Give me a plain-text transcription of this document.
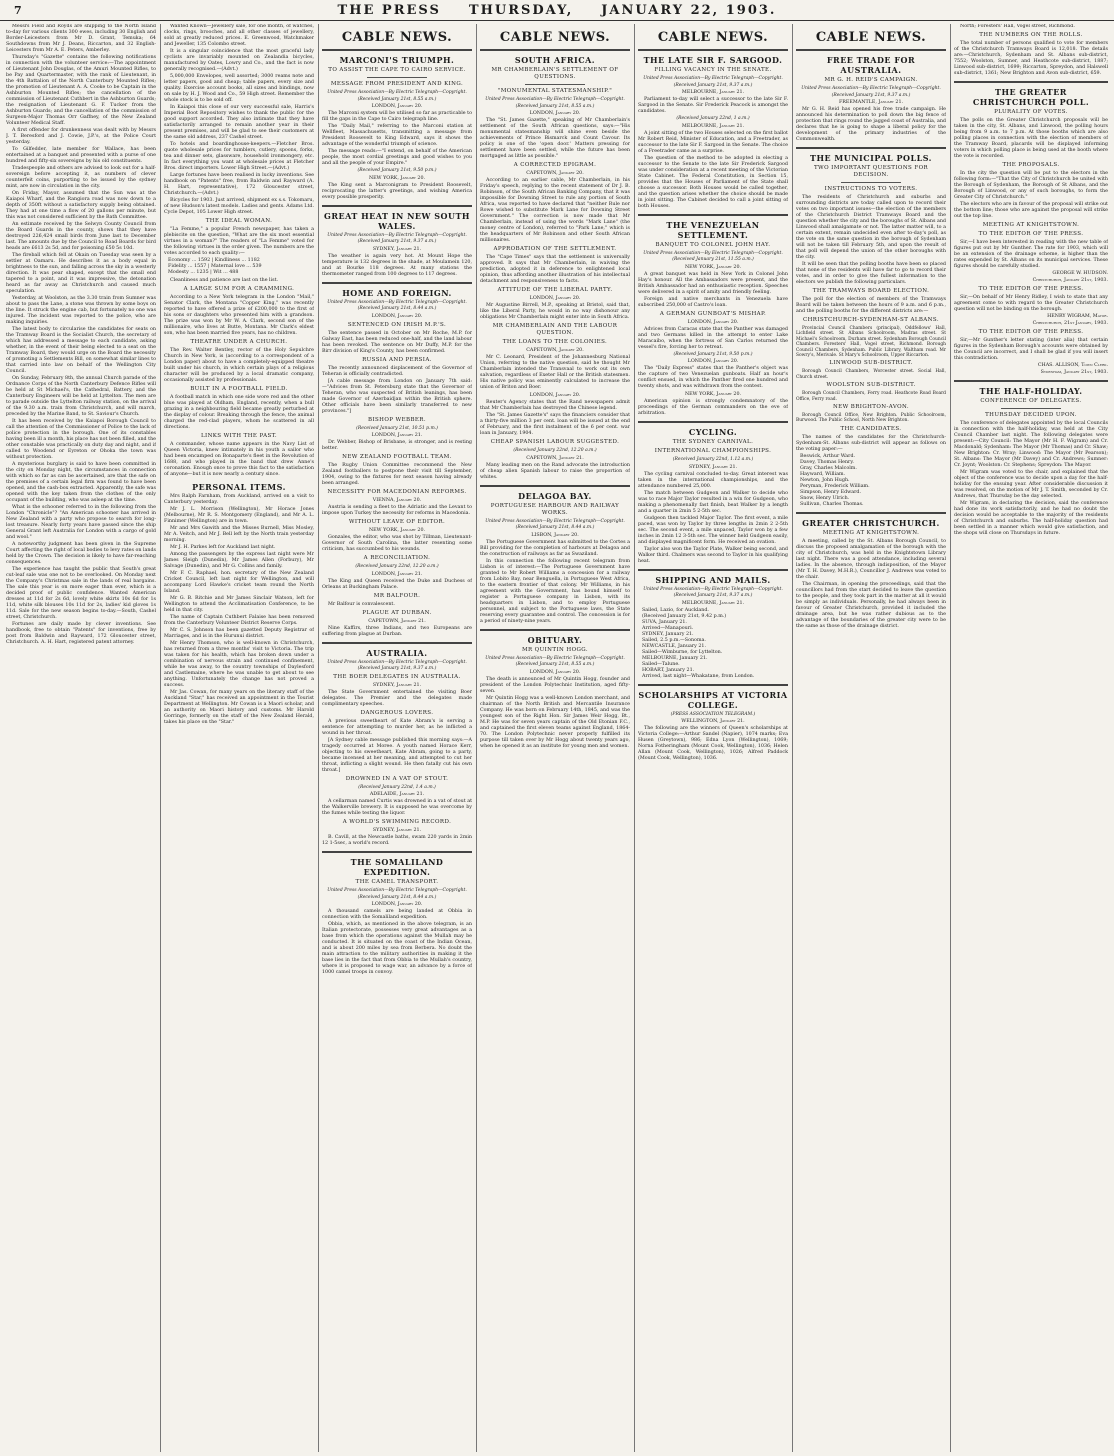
7	THE PRESS THURSDAY, JANUARY 22, 1903.

Messrs Field and Royds are shipping to the North Island to-day for various clients 300 ewes, including 30 English and Border-Leicesters from Mr D. Grant, Temuka; 64 Southdowns from Mr J. Deans, Riccarton, and 32 English-Leicesters from Mr A. E. Peters, Amberley.

Thursday's "Gazette" contains the following notifications in connection with the volunteer service:—The appointment of Lieutenant John Douglas, of the Amuri Mounted Rifles, to be Pay and Quartermaster, with the rank of Lieutenant, in the 4th Battalion of the North Canterbury Mounted Rifles; the promotion of Lieutenant A. A. Cooke to be Captain in the Ashburton Mounted Rifles; the cancellation of the commission of Lieutenant Cuthbert in the Ashburton Guards; the resignation of Lieutenant G. F. Tucker from the Ashburton Guards; and the cancellation of the commission of Surgeon-Major Thomas Orr Gaffney, of the New Zealand Volunteer Medical Staff.

A first offender for drunkenness was dealt with by Messrs J. T. Beresford and J. Cowie, J.P.'s, at the Police Court yesterday.

To Gilfedder, late member for Wallace, has been entertained at a banquet and presented with a purse of one hundred and fifty-six sovereigns by his old constituents.

Tradespeople and others are advised to look out for a half-sovereign before accepting it, as numbers of clever counterfeit coins, purporting to be issued by the sydney mint, are now in circulation in the city.

On Friday, Mayor, assumed that the Sun was at the Kaiapoi Wharf, and the Rangiora road was now down to a depth of 350ft without a satisfactory supply being obtained. They had at one time a flow of 20 gallons per minute, but this was not considered sufficient by the Bath Committee.

An estimate received by the Selwyn County Council from the Board Guards in the county, shows that they have destroyed 226,424 small birds from June last to December last. The amounts due by the Council to Road Boards for bird heads are £613 2s 5d, and for poisoning £50 5s 10d.

The fireball which fell at Okain on Tuesday was seen by a settler at Oamaru. He describes it as a body equal in brightness to the sun, and falling across the sky in a westerly direction. It was pear shaped, except that the small end tapered to a point, and it was impressive, the detonation heard as far away as Christchurch and caused much speculation.

Yesterday, at Woolston, as the 3.30 train from Sumner was about to pass the Lane, a stone was thrown by some boys on the line. It struck the engine cab, but fortunately no one was injured. The incident was reported to the police, who are making inquiries.

The latest body to circularise the candidates for seats on the Tramway Board is the Socialist Church, the secretary of which has addressed a message to each candidate, asking whether, in the event of their being elected to a seat on the Tramway Board, they would urge on the Board the necessity of promoting a Settlements Bill, on somewhat similar lines to that carried into law on behalf of the Wellington City Council.

On Sunday, February 8th, the annual Church parade of the Ordnance Corps of the North Canterbury Defence Rifles will be held at St Michael's, the Cathedral, Battery, and the Canterbury Engineers will be held at Lyttelton. The men are to parade outside the Lyttelton railway station, on the arrival of the 9.30 a.m. train from Christchurch, and will march, preceded by the Marine Band, to St. Saviour's Church.

It has been received by the Kaiapoi Borough Council to call the attention of the Commissioner of Police to the lack of police protection in the borough. One of its constables having been ill a month, his place has not been filled, and the other constable was practically on duty day and night, and if called to Woodend or Eyreton or Ohoka the town was without protection.

A mysterious burglary is said to have been committed in the city on Monday night, the circumstances in connection with which so far as can be ascertained, are that the safe on the premises of a certain legal firm was found to have been opened, and the cash-box extracted. Apparently, the safe was opened with the key taken from the clothes of the only occupant of the building, who was asleep at the time.

What is the schooner referred to in the following from the London "Chronicle"? "An American schooner has arrived in New Zealand with a party who propose to search for long-lost treasure. Nearly forty years have passed since the ship General Grant left Australia for London with a cargo of gold and wool."

A noteworthy judgment has been given in the Supreme Court affecting the right of local bodies to levy rates on lands held by the Crown. The decision is likely to have far-reaching consequences.

The experience has taught the public that South's great cut-leaf sale was one not to be overlooked. On Monday next the Company's Christmas sale in the lands of real bargains. The sale this year is on more eager than ever, which is a decided proof of public confidence. Wanted American dresses at 11d for 2s 6d, lovely white skirts 10s 6d for 1s 11d, white silk blouses 10s 11d for 2s, ladies' kid gloves 1s 11d. Sale for the new season begins to-day.—South, Cashel street, Christchurch.

Fortunes are daily made by clever inventions. See handbook, free to obtain "Patents" for inventions, free by post from Baldwin and Rayward, 172 Gloucester street, Christchurch. A. H. Hart, registered patent attorney.

Wanted Known—Jewellery sale, for one month, of watches, clocks, rings, brooches, and all other classes of jewellery, sold at greatly reduced prices. E. Greenwood, Watchmaker and Jeweller, 135 Colombo street.

It is a singular coincidence that the most graceful lady cyclists are invariably mounted on Zealandia bicycles, manufactured by Oates, Lowry and Co., and the fact is now generally recognised.—(Advt.)

5,000,000 Envelopes, well assorted; 3000 reams note and letter papers, good and cheap; table papers, every size and quality. Exercise account books, all sizes and bindings, now on sale by H. J. Wood and Co., 59 High street. Remember the whole stock is to be sold off.

In Kaiapoi this close of our very successful sale, Harris's Imperial Boot Repository wishes to thank the public for the good support accorded. They also intimate that they have satisfactorily arranged to remain another year in their present premises, and will be glad to see their customers at the same old address, 237 Cashel street.

To hotels and boardinghouse-keepers.—Fletcher Bros. quote wholesale prices for tumblers, cutlery, spoons, forks, tea and dinner sets, glassware, household ironmongery, etc. In fact everything you want at wholesale prices at Fletcher Bros. direct importers. Lower High Street.—(Advt.)

Large fortunes have been realised in lucky inventions. See handbook on "Patents" free, from Baldwin and Rayward (A. H. Hart, representative), 172 Gloucester street, Christchurch.—(Advt.)

Bicycles for 1903. Just arrived, shipment ex s.s. Tokomaru, of new Hudson's latest models. Ladies and gents. Adams Ltd. Cycle Depot, 105 Lower High street.

THE IDEAL WOMAN.

"La Femme," a popular French newspaper, has taken a plebiscite on the question, "What are the six most essential virtues in a woman?" The readers of "La Femme" voted for the following virtues in the order given. The numbers are the votes accorded to each quality:—

Economy ... 1592 | Kindliness ... 1182
Fidelity ... 1557 | Maternal love ... 539
Modesty ... 1235 | Wit ... 488

Cleanliness and patience are last on the list.

A LARGE SUM FOR A CRAMMING.

According to a New York telegram in the London "Mail," Senator Clark, the Montana "Copper King," was recently reported to have offered a prize of £200,000 to the first of his sons or daughters who presented him with a grandson. The prize was won by Mr W. A. Clark, second son of the millionaire, who lives at Butte, Montana. Mr Clark's eldest son, who has been married five years, has no children.

THEATRE UNDER A CHURCH.

The Rev. Walter Bentley, rector of the Holy Sepulchre Church in New York, is (according to a correspondent of a London paper) about to have a completely-equipped theatre built under his church, in which certain plays of a religious character will be produced by a local dramatic company, occasionally assisted by professionals.

BUILT IN A FOOTBALL FIELD.

A football match in which one side wore red and the other blue was played at Oldham, England, recently, when a bull grazing in a neighbouring field became greatly perturbed at the display of colour. Breaking through the fence, the animal charged the red-clad players, whom he scattered in all directions.

LINKS WITH THE PAST.

A commander, whose name appears in the Navy List of Queen Victoria, knew intimately in his youth a sailor who had been encamped on Bonaparte's fleet in the Revolution of 1688, and who played in the band that drew Anne's coronation. Enough once to prove this fact to the satisfaction of anyone—but it is now nearly a century since.

PERSONAL ITEMS.

Mrs Ralph Farnham, from Auckland, arrived on a visit to Canterbury yesterday.

Mr J. L. Morrison (Wellington), Mr Horace Jones (Melbourne), Mr R. S. Montgomery (England), and Mr A. L. Finnimer (Wellington) are in town.

Mr and Mrs Gawith and the Misses Burnell, Miss Mosley, Mr A. Veitch, and Mr J. Bell left by the North train yesterday morning.

Mr J. H. Parkes left for Auckland last night.

Among the passengers by the express last night were Mr James Sleigh (Dunedin), Mr James Allen (Forbury), Mr Salvage (Dunedin), and Mr G. Collins and family.

Mr F. C. Raphael, hon. secretary of the New Zealand Cricket Council, left last night for Wellington, and will accompany Lord Hawke's cricket team round the North Island.

Mr G. B. Ritchie and Mr James Sinclair Watson, left for Wellington to attend the Acclimatisation Conference, to be held in that city.

The name of Captain Cuthbert Falaise has been removed from the Canterbury Volunteer District Reserve Corps.

Mr C. S. Johnson has been gazetted Deputy Registrar of Marriages, and is in the Hurunui district.

Mr Henry Thomson, who is well-known in Christchurch, has returned from a three months' visit to Victoria. The trip was taken for his health, which has broken down under a combination of nervous strain and continued confinement, while he was away, to the country townships of Daylesford and Castlemaine, where he was unable to get about to see anything. Unfortunately the change has not proved a success.

Mr Jas. Cowan, for many years on the literary staff of the Auckland "Star," has received an appointment in the Tourist Department at Wellington. Mr Cowan is a Maori scholar, and an authority on Maori history and customs. Mr Harold Gorringe, formerly on the staff of the New Zealand Herald, takes his place on the "Star."

CABLE NEWS.
MARCONI'S TRIUMPH.
TO ASSIST THE CAPE TO CAIRO SERVICE.
MESSAGE FROM PRESIDENT AND KING.

United Press Association—By Electric Telegraph—Copyright.

(Received January 21st, 8.55 a.m.)

LONDON, January 20.

The Marconi system will be utilised so far as practicable to fill the gaps in the Cape to Cairo telegraph line.

The "Daily Mail," referring to the Marconi station at Wellfleet, Massachusetts, transmitting a message from President Roosevelt to King Edward, says it shows the advantage of the wonderful triumph of science.

The message reads:—"I extend, on behalf of the American people, the most cordial greetings and good wishes to you and all the people of your Empire."

(Received January 21st, 9.50 p.m.)

NEW YORK, January 20.

The King sent a Marconigram to President Roosevelt, reciprocating the latter's greetings, and wishing America every possible prosperity.

GREAT HEAT IN NEW SOUTH WALES.

United Press Association—By Electric Telegraph—Copyright.

(Received January 21st, 9.37 a.m.)

SYDNEY, January 21.

The weather is again very hot. At Mount Hope the temperature is 132 degrees in the shade, at Moulamein 120, and at Bourke 118 degrees. At many stations the thermometer ranged from 100 degrees to 117 degrees.

HOME AND FOREIGN.

United Press Association—By Electric Telegraph—Copyright.

(Received January 21st, 8.44 a.m.)

LONDON, January 20.

SENTENCED ON IRISH M.P.'S.

The sentence passed in October on Mr Roche, M.P. for Galway East, has been reduced one-half, and the land labour has been revoked. The sentence on Mr Duffy, M.P. for the Birr division of King's County, has been confirmed.

RUSSIA AND PERSIA.

The recently announced displacement of the Governor of Teheran is officially contradicted.

[A cable message from London on January 7th said:—"Advices from St. Petersburg state that the Governor of Teheran, who was suspected of British leanings, has been made Governor of Azerbaidjan within the British sphere. Other officials have been similarly transferred to new provinces."]

BISHOP WEBBER.

(Received January 21st, 10.51 p.m.)

LONDON, January 21.

Dr. Webber, Bishop of Brisbane, is stronger, and is resting better.

NEW ZEALAND FOOTBALL TEAM.

The Rugby Union Committee recommend the New Zealand footballers to postpone their visit till September, 1904, owing to the fixtures for next season having already been arranged.

NECESSITY FOR MACEDONIAN REFORMS.

VIENNA, January 20.

Austria is sending a fleet to the Adriatic and the Levant to impose upon Turkey the necessity for reforms in Macedonia.

WITHOUT LEAVE OF EDITOR.

NEW YORK, January 20.

Gonzales, the editor, who was shot by Tillman, Lieutenant-Governor of South Carolina, the latter resenting some criticism, has succumbed to his wounds.

A RECONCILIATION.

(Received January 22nd, 12.20 a.m.)

LONDON, January 21.

The King and Queen received the Duke and Duchess of Orleans at Buckingham Palace.

MR BALFOUR.

Mr Balfour is convalescent.

PLAGUE AT DURBAN.

CAPETOWN, January 21.

Nine Kaffirs, three Indians, and two Europeans are suffering from plague at Durban.

AUSTRALIA.

United Press Association—By Electric Telegraph—Copyright.

(Received January 21st, 9.37 a.m.)

THE BOER DELEGATES IN AUSTRALIA.

SYDNEY, January 21.

The State Government entertained the visiting Boer delegates. The Premier and the delegates made complimentary speeches.

DANGEROUS LOVERS.

A previous sweetheart of Kate Abram's is serving a sentence for attempting to murder her, as he inflicted a wound in her throat.

[A Sydney cable message published this morning says:—A tragedy occurred at Moree. A youth named Horace Kerr, objecting to his sweetheart, Kate Abram, going to a party, became incensed at her meaning, and attempted to cut her throat, inflicting a slight wound. He then fatally cut his own throat.]

DROWNED IN A VAT OF STOUT.

(Received January 22nd, 1.4 a.m.)

ADELAIDE, January 21.

A cellarman named Curtis was drowned in a vat of stout at the Walkerville brewery. It is supposed he was overcome by the fumes while testing the liquor.

A WORLD'S SWIMMING RECORD.

SYDNEY, January 21.

B. Cavill, at the Newcastle baths, swam 220 yards in 2min 12 1-5sec, a world's record.

THE SOMALILAND EXPEDITION.
THE CAMEL TRANSPORT.

United Press Association—By Electric Telegraph—Copyright.

(Received January 21st, 8.44 a.m.)

LONDON, January 20.

A thousand camels are being landed at Obbia in connection with the Somaliland expedition.

Obbia, which, as mentioned in the above telegram, is an Italian protectorate, possesses very great advantages as a base from which the operations against the Mullah may be conducted. It is situated on the coast of the Indian Ocean, and is about 200 miles by sea from Berbera. No doubt the main attraction to the military authorities in making it the base lies in the fact that from Obbia to the Mullah's country, where it is proposed to wage war, an advance by a force of 1000 camel troops in convoy.

CABLE NEWS.
SOUTH AFRICA.
MR CHAMBERLAIN'S SETTLEMENT OF QUESTIONS.
"MONUMENTAL STATESMANSHIP."

United Press Association—By Electric Telegraph—Copyright.

(Received January 21st, 8.55 a.m.)

LONDON, January 20.

The "St. James Gazette," speaking of Mr Chamberlain's settlement of the South African questions, says:—"His monumental statesmanship will shine even beside the achievements of Prince Bismarck and Count Cavour. Its policy is one of the 'open door.' Matters pressing for settlement have been settled, while the future has been mortgaged as little as possible."

A CORRECTED EPIGRAM.

CAPETOWN, January 20.

According to an earlier cable, Mr Chamberlain, in his Friday's speech, replying to the recent statement of Dr J. B. Robinson, of the South African Banking Company, that it was impossible for Downing Street to rule any portion of South Africa, was reported to have declared that "neither Rule nor Rowe wished to substitute Mark Lane for Downing Street Government." The correction is now made that Mr Chamberlain, instead of using the words "Mark Lane" (the money centre of London), referred to "Park Lane," which is the headquarters of Mr Robinson and other South African millionaires.

APPROBATION OF THE SETTLEMENT.

The "Cape Times" says that the settlement is universally approved. It says that Mr Chamberlain, in waiving the prediction, adopted it in deference to enlightened local opinion, thus affording another illustration of his intellectual detachment and responsiveness to facts.

ATTITUDE OF THE LIBERAL PARTY.

LONDON, January 20.

Mr Augustine Birrell, M.P., speaking at Bristol, said that, like the Liberal Party, he would in no way dishonour any obligations Mr Chamberlain might enter into in South Africa.

MR CHAMBERLAIN AND THE LABOUR QUESTION.
THE LOANS TO THE COLONIES.

CAPETOWN, January 20.

Mr C. Leonard, President of the Johannesburg National Union, referring to the native question, said he thought Mr Chamberlain intended the Transvaal to work out its own salvation, regardless of Exeter Hall or the British statesmen. His native policy was eminently calculated to increase the union of Briton and Boer.

LONDON, January 20.

Reuter's Agency states that the Rand newspapers admit that Mr Chamberlain has destroyed the Chinese legend.

The "St. James Gazette's" says the financiers consider that a thirty-five million 3 per cent. loan will be issued at the end of February, and the first instalment of the 6 per cent. war loan in January, 1904.

CHEAP SPANISH LABOUR SUGGESTED.

(Received January 22nd, 12.20 a.m.)

CAPETOWN, January 21.

Many leading men on the Rand advocate the introduction of cheap alien Spanish labour to raise the proportion of whites.

DELAGOA BAY.
PORTUGUESE HARBOUR AND RAILWAY WORKS.

United Press Association—By Electric Telegraph—Copyright.

(Received January 21st, 8.44 a.m.)

LISBON, January 20.

The Portuguese Government has submitted to the Cortes a Bill providing for the completion of harbours at Delagoa and the construction of railways as far as Swaziland.

In this connection the following recent telegram from Lisbon is of interest:—The Portuguese Government have granted to Mr Robert Williams a concession for a railway from Lobito Bay, near Benguella, in Portuguese West Africa, to the eastern frontier of that colony. Mr Williams, in his agreement with the Government, has bound himself to register a Portuguese company in Lisbon, with its headquarters in Lisbon, and to employ Portuguese personnel, and subject to the Portuguese laws, the State reserving every guarantee and control. The concession is for a period of ninety-nine years.

OBITUARY.
MR QUINTIN HOGG.

United Press Association—By Electric Telegraph—Copyright.

(Received January 21st, 8.55 a.m.)

LONDON, January 20.

The death is announced of Mr Quintin Hogg, founder and president of the London Polytechnic Institution, aged fifty-seven.

Mr Quintin Hogg was a well-known London merchant, and chairman of the North British and Mercantile Insurance Company. He was born on February 14th, 1845, and was the youngest son of the Right Hon. Sir James Weir Hogg, Bt., M.P. He was for seven years captain of the Old Etonian F.C., and captained the first eleven teams against England, 1864-70. The London Polytechnic never properly fulfilled its purpose till taken over by Mr Hogg about twenty years ago, when he opened it as an institute for young men and women.

CABLE NEWS.
THE LATE SIR F. SARGOOD.
FILLING VACANCY IN THE SENATE.

United Press Association—By Electric Telegraph—Copyright.

(Received January 21st, 9.37 a.m.)

MELBOURNE, January 21.

Parliament to-day will select a successor to the late Sir F. Sargood in the Senate. Sir Frederick Peacock is amongst the candidates.

(Received January 22nd, 1 a.m.)

MELBOURNE, January 21.

A joint sitting of the two Houses selected on the first ballot Mr Robert Reid, Minister of Education, and a Freetrader, as successor to the late Sir F. Sargood in the Senate. The choice of a Freetrader came as a surprise.

The question of the method to be adopted in electing a successor to the Senate to the late Sir Frederick Sargood was under consideration at a recent meeting of the Victorian State Cabinet. The Federal Constitution, in Section 15, provides that the Houses of Parliament of the State shall choose a successor. Both Houses would be called together, and the question arises whether the choice should be made in joint sitting. The Cabinet decided to call a joint sitting of both Houses.

THE VENEZUELAN SETTLEMENT.
BANQUET TO COLONEL JOHN HAY.

United Press Association—By Electric Telegraph—Copyright.

(Received January 21st, 11.55 a.m.)

NEW YORK, January 20.

A great banquet was held in New York in Colonel John Hay's honour. All the Ambassadors were present, and the British Ambassador had an enthusiastic reception. Speeches were delivered in a spirit of amity and friendly feeling.

Foreign and native merchants in Venezuela have subscribed 250,000 of Castro's loan.

A GERMAN GUNBOAT'S MISHAP.

LONDON, January 20.

Advices from Caracas state that the Panther was damaged and two Germans killed in the attempt to enter Lake Maracaibo, when the fortress of San Carlos returned the vessel's fire, forcing her to retreat.

(Received January 21st, 9.50 p.m.)

LONDON, January 20.

The "Daily Express" states that the Panther's object was the capture of two Venezuelan gunboats. Half an hour's conflict ensued, in which the Panther fired one hundred and twenty shots, and was withdrawn from the contest.

NEW YORK, January 20.

American opinion is strongly condemnatory of the proceedings of the German commanders on the eve of arbitration.

CYCLING.
THE SYDNEY CARNIVAL.
INTERNATIONAL CHAMPIONSHIPS.

(Received January 22nd, 1.12 a.m.)

SYDNEY, January 21.

The cycling carnival concluded to-day. Great interest was taken in the international championships, and the attendance numbered 25,000.

The match between Gudgeon and Walker to decide who was to race Major Taylor resulted in a win for Gudgeon, who making a phenomenally fast finish, beat Walker by a length and a quarter in 2min 5 2-5th sec.

Gudgeon then tackled Major Taylor. The first event, a mile paced, was won by Taylor by three lengths in 2min 2 2-5th sec. The second event, a mile unpaced, Taylor won by a few inches in 2min 12 3-5th sec. The winner held Gudgeon easily, and displayed magnificent form. He received an ovation.

Taylor also won the Taylor Plate, Walker being second, and Walker third. Chalmers was second to Taylor in his qualifying heat.

SHIPPING AND MAILS.

United Press Association—By Electric Telegraph—Copyright.

(Received January 21st, 9.37 a.m.)

MELBOURNE, January 21.

Sailed, Lazio, for Auckland.
(Received January 21st, 9.42 p.m.)
SUVA, January 21.
Arrived—Manapouri.
SYDNEY, January 21.
Sailed, 2.5 p.m.—Sonoma.
NEWCASTLE, January 21.
Sailed—Wimburne, for Lyttelton.
MELBOURNE, January 21.
Sailed—Talune.
HOBART, January 21.
Arrived, last night—Whakatane, from London.
SCHOLARSHIPS AT VICTORIA COLLEGE.

(PRESS ASSOCIATION TELEGRAM.)

WELLINGTON, January 21.

The following are the winners of Queen's scholarships at Victoria College:—Arthur Sandel (Napier), 1074 marks; Eva Husen (Greytown), 986; Edna Lyon (Wellington), 1069; Norna Fotheringham (Mount Cook, Wellington), 1036; Helen Allan (Mount Cook, Wellington), 1026; Alfred Paddock (Mount Cook, Wellington), 1036.

CABLE NEWS.
FREE TRADE FOR AUSTRALIA.
MR G. H. REID'S CAMPAIGN.

United Press Association—By Electric Telegraph—Copyright.

(Received January 21st, 9.37 a.m.)

FREEMANTLE, January 21.

Mr G. H. Reid has opened his free trade campaign. He announced his determination to poll down the big fence of protection that rings round the jagged coast of Australia, and declares that he is going to shape a liberal policy for the development of the primary industries of the Commonwealth.

THE MUNICIPAL POLLS.
TWO IMPORTANT QUESTIONS FOR DECISION.
INSTRUCTIONS TO VOTERS.

The residents of Christchurch and suburbs and surrounding districts are today called upon to record their votes on two important issues—the election of the members of the Christchurch District Tramways Board and the question whether the city and the boroughs of St. Albans and Linwood shall amalgamate or not. The latter matter will, to a certain extent, remain undecided even after to-day's poll, as the vote on the same question in the borough of Sydenham will not be taken till February 5th, and upon the result of that poll will depend the union of the other boroughs with the city.

It will be seen that the polling booths have been so placed that none of the residents will have far to go to record their votes, and in order to give the fullest information to the electors we publish the following particulars.

THE TRAMWAYS BOARD ELECTION.

The poll for the election of members of the Tramways Board will be taken between the hours of 9 a.m. and 6 p.m., and the polling booths for the different districts are:—

CHRISTCHURCH-SYDENHAM-ST ALBANS.

Provincial Council Chambers (principal), Oddfellows' Hall, Lichfield street. St Albans Schoolroom, Madras street. St Michael's Schoolroom, Durham street. Sydenham Borough Council Chambers. Foresters' Hall, Vogel street, Richmond. Borough Council Chambers, Sydenham. Public Library, Waltham road. Mr Sowry's, Merivale. St Mary's Schoolroom, Upper Riccarton.

LINWOOD SUB-DISTRICT.

Borough Council Chambers, Worcester street. Social Hall, Church street.

WOOLSTON SUB-DISTRICT.

Borough Council Chambers, Ferry road. Heathcote Road Board Office, Ferry road.

NEW BRIGHTON-AVON.

Borough Council Office, New Brighton. Public Schoolroom, Burwood. The Public School, North New Brighton.

THE CANDIDATES.

The names of the candidates for the Christchurch-Sydenham-St. Albans sub-district will appear as follows on the voting paper:—

Beswick, Arthur Ward.
Davey, Thomas Henry.
Gray, Charles Malcolm.
Hayward, William.
Newton, John Hugh.
Peryman, Frederick William.
Simpson, Henry Edward.
Snow, Henry Ulrich.
Sullivan, Charles Thomas.
GREATER CHRISTCHURCH.
MEETING AT KNIGHTSTOWN.

A meeting, called by the St. Albans Borough Council, to discuss the proposed amalgamation of the borough with the city of Christchurch, was held in the Knightstown Library last night. There was a good attendance, including several ladies. In the absence, through indisposition, of the Mayor (Mr T. H. Davey, M.H.R.), Councillor J. Andrews was voted to the chair.

The Chairman, in opening the proceedings, said that the councillors had from the start decided to leave the question to the people, and they took part in the matter at all it would be simply as individuals. Personally, he had always been in favour of Greater Christchurch, provided it included the drainage area, but he was rather dubious as to the advantage of the boundaries of the greater city were to be the same as those of the drainage district.

North; Foresters' Hall, Vogel street, Richmond.

THE NUMBERS ON THE ROLLS.

The total number of persons qualified to vote for members of the Christchurch Tramways Board is 12,018. The details are:—Christchurch, Sydenham and St. Albans sub-district, 7552; Woolston, Sumner, and Heathcote sub-district, 1887; Linwood sub-district, 1699; Riccarton, Spreydon, and Halswell sub-district, 1361; New Brighton and Avon sub-district, 659.

THE GREATER CHRISTCHURCH POLL.
PLURALITY OF VOTES.

The polls on the Greater Christchurch proposals will be taken in the city, St. Albans, and Linwood, the polling hours being from 9 a.m. to 7 p.m. At those booths which are also polling places in connection with the election of members of the Tramway Board, placards will be displayed informing voters in which polling place is being used at the booth where the vote is recorded.

THE PROPOSALS.

In the city the question will be put to the electors in the following form:—"That the City of Christchurch be united with the Borough of Sydenham, the Borough of St Albans, and the Borough of Linwood, or any of such boroughs, to form the Greater City of Christchurch."

The electors who are in favour of the proposal will strike out the bottom line; those who are against the proposal will strike out the top line.

MEETING AT KNIGHTSTOWN.
TO THE EDITOR OF THE PRESS.

Sir,—I have been interested in reading with the new table of figures put out by Mr Gunther. The rate for 1903, which will be an extension of the drainage scheme, is higher than the rates expended by St. Albans on its municipal services. These figures should be carefully studied.

GEORGE W. HUDSON.

Christchurch, January 21st, 1903.

TO THE EDITOR OF THE PRESS.

Sir,—On behalf of Mr Henry Ridley, I wish to state that any agreement come to with regard to the Greater Christchurch question will not be binding on the borough.

HENRY WIGRAM, Mayor.

Christchurch, 21st January, 1903.

TO THE EDITOR OF THE PRESS.

Sir,—Mr Gunther's letter stating (inter alia) that certain figures in the Sydenham Borough's accounts were obtained by the Council are incorrect, and I shall be glad if you will insert this contradiction.

CHAS. ALLISON, Town Clerk.

Sydenham, January 21st, 1903.

THE HALF-HOLIDAY.
CONFERENCE OF DELEGATES.
THURSDAY DECIDED UPON.

The conference of delegates appointed by the local Councils in connection with the half-holiday, was held at the City Council Chamber last night. The following delegates were present:—City Council: The Mayor (Mr H. F. Wigram) and Cr. Macdonald; Sydenham: The Mayor (Mr Thomas) and Cr. Shaw; New Brighton: Cr. Wray; Linwood: The Mayor (Mr Pearson); St. Albans: The Mayor (Mr Davey) and Cr. Andrews; Sumner: Cr. Joynt; Woolston: Cr. Stephens; Spreydon: The Mayor.

Mr Wigram was voted to the chair, and explained that the object of the conference was to decide upon a day for the half-holiday for the ensuing year. After considerable discussion it was resolved, on the motion of Mr J. T. Smith, seconded by Cr. Andrews, that Thursday be the day selected.

Mr Wigram, in declaring the decision, said the conference had done its work satisfactorily, and he had no doubt the decision would be acceptable to the majority of the residents of Christchurch and suburbs. The half-holiday question had been settled in a manner which would give satisfaction, and the shops will close on Thursdays in future.
